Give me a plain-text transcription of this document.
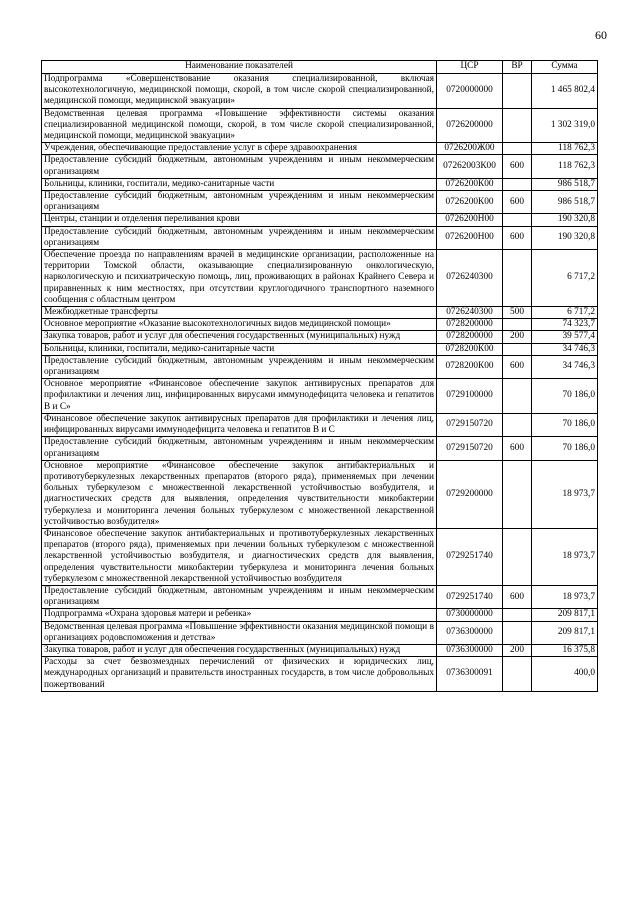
60
Наименование показателей	ЦСР	ВР	Сумма
Подпрограмма «Совершенствование оказания специализированной, включая высокотехнологичную, медицинской помощи, скорой, в том числе скорой специализированной, медицинской помощи, медицинской эвакуации»	0720000000		1 465 802,4
Ведомственная целевая программа «Повышение эффективности системы оказания специализированной медицинской помощи, скорой, в том числе скорой специализированной, медицинской помощи, медицинской эвакуации»	0726200000		1 302 319,0
Учреждения, обеспечивающие предоставление услуг в сфере здравоохранения	0726200Ж00		118 762,3
Предоставление субсидий бюджетным, автономным учреждениям и иным некоммерческим организациям	07262003К00	600	118 762,3
Больницы, клиники, госпитали, медико-санитарные части	0726200К00		986 518,7
Предоставление субсидий бюджетным, автономным учреждениям и иным некоммерческим организациям	0726200К00	600	986 518,7
Центры, станции и отделения переливания крови	0726200Н00		190 320,8
Предоставление субсидий бюджетным, автономным учреждениям и иным некоммерческим организациям	0726200Н00	600	190 320,8
Обеспечение проезда по направлениям врачей в медицинские организации, расположенные на территории Томской области, оказывающие специализированную онкологическую, наркологическую и психиатрическую помощь, лиц, проживающих в районах Крайнего Севера и приравненных к ним местностях, при отсутствии круглогодичного транспортного наземного сообщения с областным центром	0726240300		6 717,2
Межбюджетные трансферты	0726240300	500	6 717,2
Основное мероприятие «Оказание высокотехнологичных видов медицинской помощи»	0728200000		74 323,7
Закупка товаров, работ и услуг для обеспечения государственных (муниципальных) нужд	0728200000	200	39 577,4
Больницы, клиники, госпитали, медико-санитарные части	0728200К00		34 746,3
Предоставление субсидий бюджетным, автономным учреждениям и иным некоммерческим организациям	0728200К00	600	34 746,3
Основное мероприятие «Финансовое обеспечение закупок антивирусных препаратов для профилактики и лечения лиц, инфицированных вирусами иммунодефицита человека и гепатитов В и С»	0729100000		70 186,0
Финансовое обеспечение закупок антивирусных препаратов для профилактики и лечения лиц, инфицированных вирусами иммунодефицита человека и гепатитов В и С	0729150720		70 186,0
Предоставление субсидий бюджетным, автономным учреждениям и иным некоммерческим организациям	0729150720	600	70 186,0
Основное мероприятие «Финансовое обеспечение закупок антибактериальных и противотуберкулезных лекарственных препаратов (второго ряда), применяемых при лечении больных туберкулезом с множественной лекарственной устойчивостью возбудителя, и диагностических средств для выявления, определения чувствительности микобактерии туберкулеза и мониторинга лечения больных туберкулезом с множественной лекарственной устойчивостью возбудителя»	0729200000		18 973,7
Финансовое обеспечение закупок антибактериальных и противотуберкулезных лекарственных препаратов (второго ряда), применяемых при лечении больных туберкулезом с множественной лекарственной устойчивостью возбудителя, и диагностических средств для выявления, определения чувствительности микобактерии туберкулеза и мониторинга лечения больных туберкулезом с множественной лекарственной устойчивостью возбудителя	0729251740		18 973,7
Предоставление субсидий бюджетным, автономным учреждениям и иным некоммерческим организациям	0729251740	600	18 973,7
Подпрограмма «Охрана здоровья матери и ребенка»	0730000000		209 817,1
Ведомственная целевая программа «Повышение эффективности оказания медицинской помощи в организациях родовспоможения и детства»	0736300000		209 817,1
Закупка товаров, работ и услуг для обеспечения государственных (муниципальных) нужд	0736300000	200	16 375,8
Расходы за счет безвозмездных перечислений от физических и юридических лиц, международных организаций и правительств иностранных государств, в том числе добровольных пожертвований	0736300091		400,0
